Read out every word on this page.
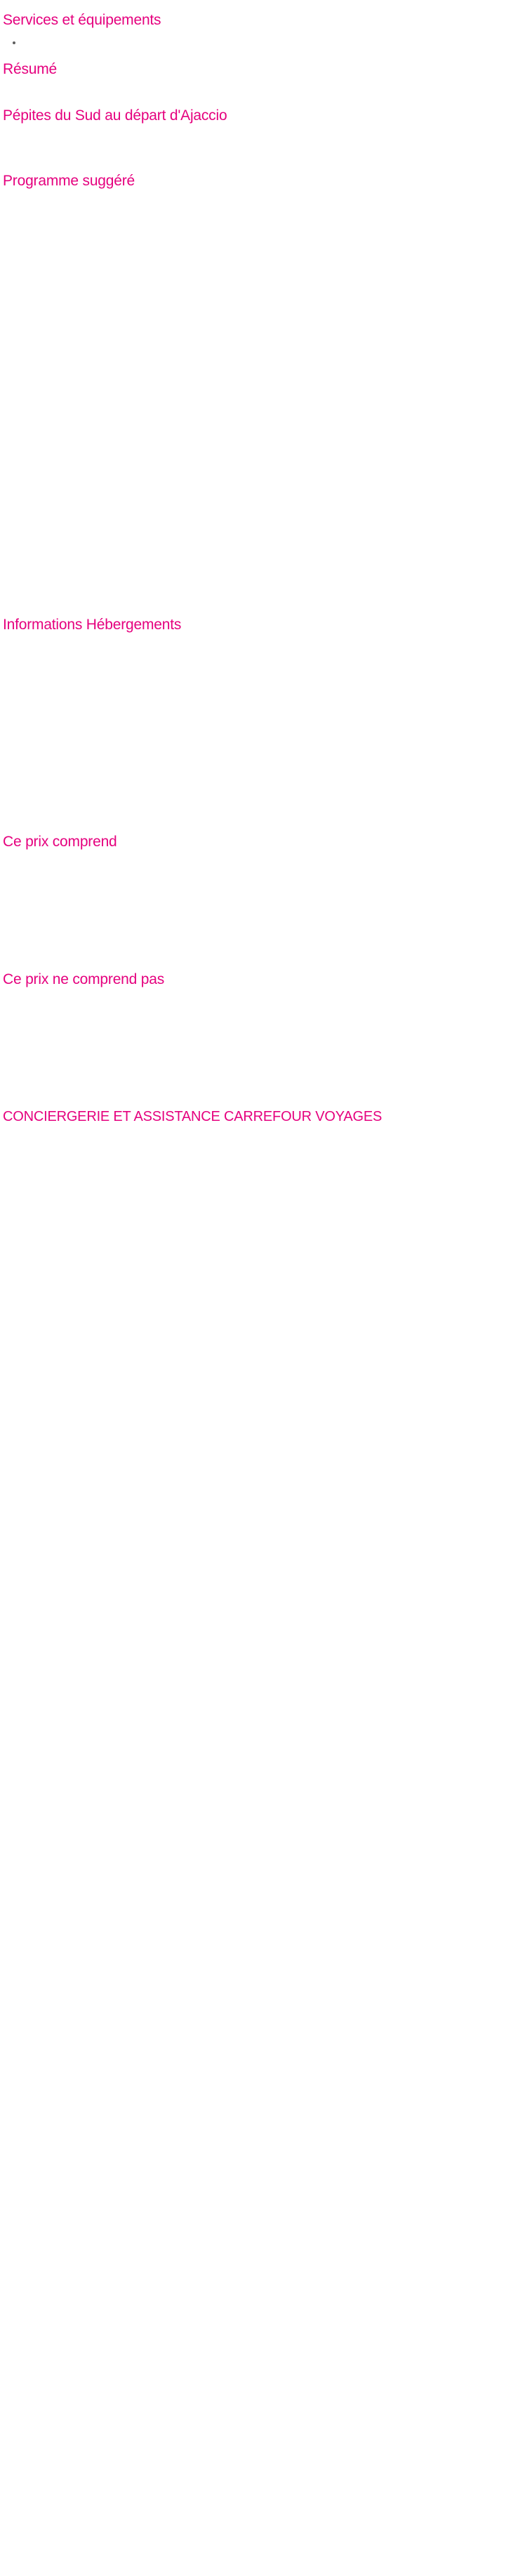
Services et équipements
•
Résumé

Pépites du Sud au départ d'Ajaccio

Programme suggéré

Informations Hébergements

Ce prix comprend

Ce prix ne comprend pas

CONCIERGERIE ET ASSISTANCE CARREFOUR VOYAGES
